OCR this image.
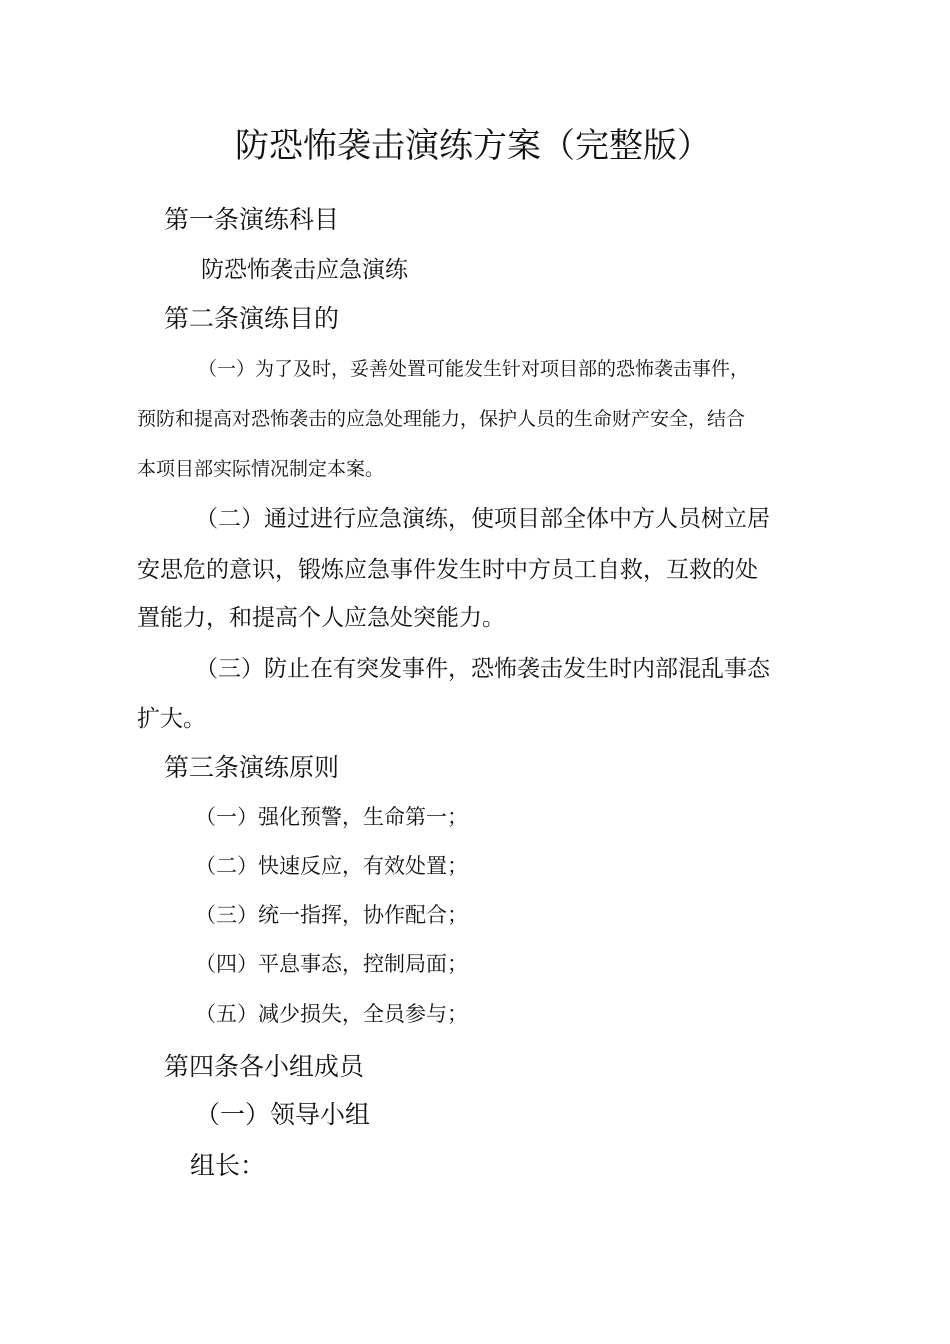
防恐怖袭击演练方案（完整版）
第一条演练科目
防恐怖袭击应急演练
第二条演练目的
（一）为了及时，妥善处置可能发生针对项目部的恐怖袭击事件，
预防和提高对恐怖袭击的应急处理能力，保护人员的生命财产安全，结合
本项目部实际情况制定本案。
（二）通过进行应急演练，使项目部全体中方人员树立居
安思危的意识，锻炼应急事件发生时中方员工自救，互救的处
置能力，和提高个人应急处突能力。
（三）防止在有突发事件，恐怖袭击发生时内部混乱事态
扩大。
第三条演练原则
（一）强化预警，生命第一；
（二）快速反应，有效处置；
（三）统一指挥，协作配合；
（四）平息事态，控制局面；
（五）减少损失，全员参与；
第四条各小组成员
（一）领导小组
组长：
